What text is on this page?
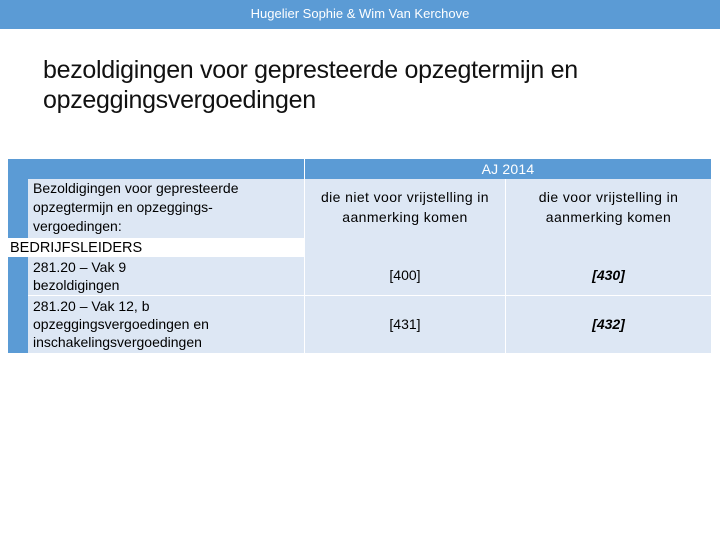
Hugelier Sophie & Wim Van Kerchove
bezoldigingen voor gepresteerde opzegtermijn en opzeggingsvergoedingen
AJ 2014
Bezoldigingen voor gepresteerde opzegtermijn en opzeggings-vergoedingen:
die niet voor vrijstelling in aanmerking komen
die voor vrijstelling in aanmerking komen
BEDRIJFSLEIDERS
281.20 – Vak 9 bezoldigingen
[400]	[430]
281.20 – Vak 12, b opzeggingsvergoedingen en inschakelingsvergoedingen
[431]	[432]
